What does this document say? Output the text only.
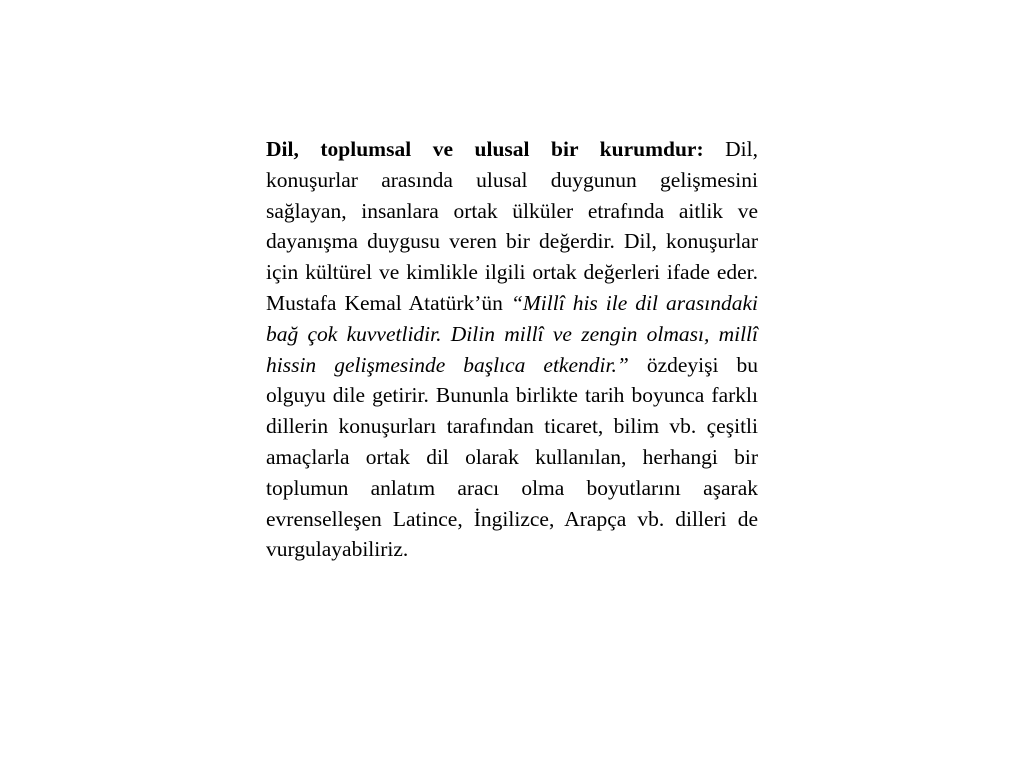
Dil, toplumsal ve ulusal bir kurumdur: Dil, konuşurlar arasında ulusal duygunun gelişmesini sağlayan, insanlara ortak ülküler etrafında aitlik ve dayanışma duygusu veren bir değerdir. Dil, konuşurlar için kültürel ve kimlikle ilgili ortak değerleri ifade eder. Mustafa Kemal Atatürk’ün “Millî his ile dil arasındaki bağ çok kuvvetlidir. Dilin millî ve zengin olması, millî hissin gelişmesinde başlıca etkendir.” özdeyişi bu olguyu dile getirir. Bununla birlikte tarih boyunca farklı dillerin konuşurları tarafından ticaret, bilim vb. çeşitli amaçlarla ortak dil olarak kullanılan, herhangi bir toplumun anlatım aracı olma boyutlarını aşarak evrenselleşen Latince, İngilizce, Arapça vb. dilleri de vurgulayabiliriz.
